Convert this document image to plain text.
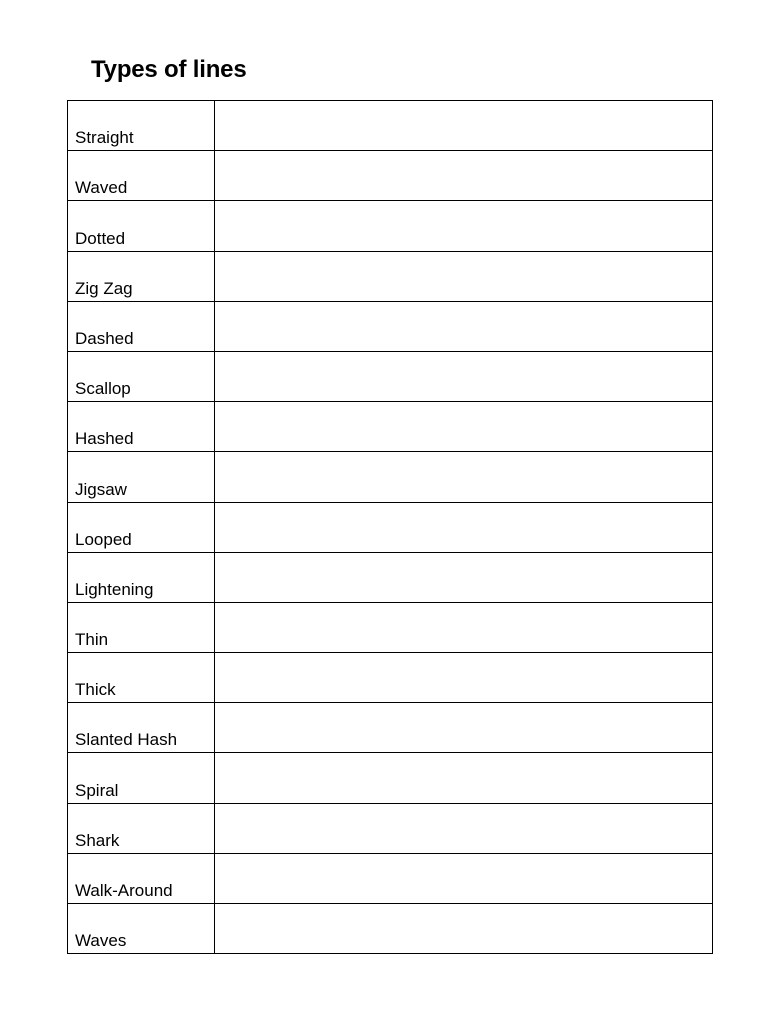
Types of lines
Straight	
Waved	
Dotted	
Zig Zag	
Dashed	
Scallop	
Hashed	
Jigsaw	
Looped	
Lightening	
Thin	
Thick	
Slanted Hash	
Spiral	
Shark	
Walk-Around	
Waves	
